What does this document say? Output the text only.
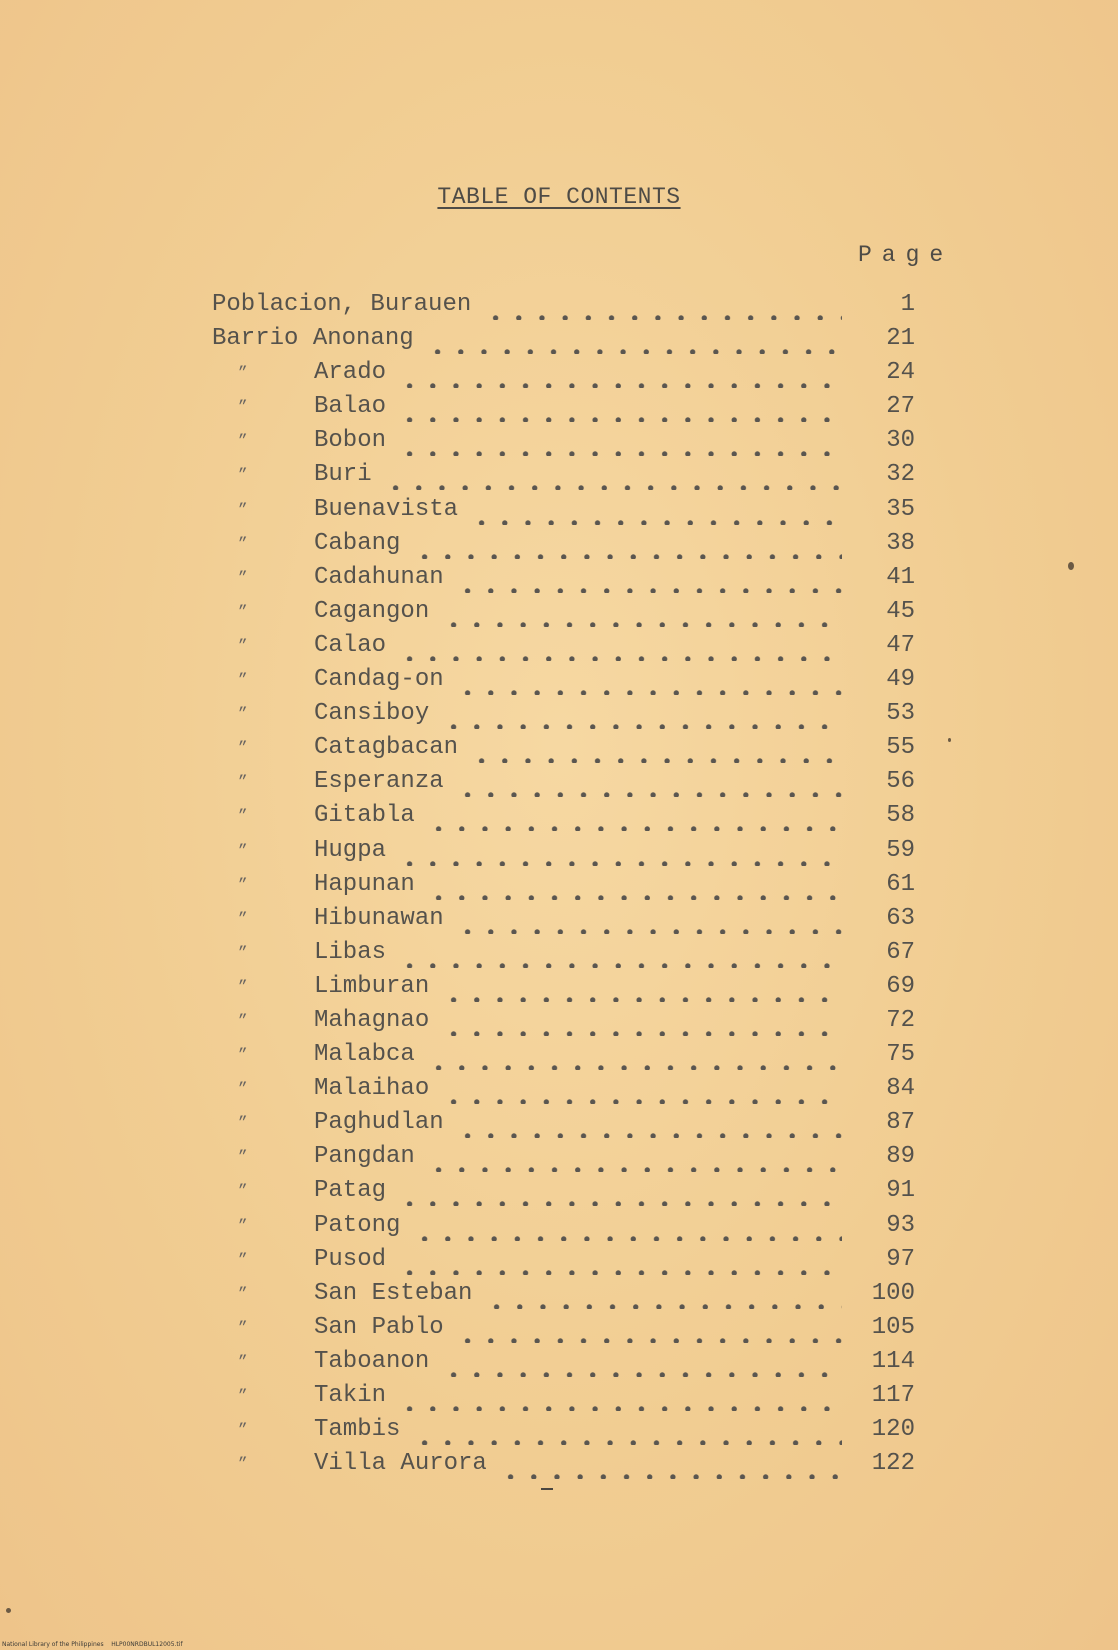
TABLE OF CONTENTS
Page
Poblacion, Burauen	1
Barrio Anonang	21
”	Arado	24
”	Balao	27
”	Bobon	30
”	Buri	32
”	Buenavista	35
”	Cabang	38
”	Cadahunan	41
”	Cagangon	45
”	Calao	47
”	Candag-on	49
”	Cansiboy	53
”	Catagbacan	55
”	Esperanza	56
”	Gitabla	58
”	Hugpa	59
”	Hapunan	61
”	Hibunawan	63
”	Libas	67
”	Limburan	69
”	Mahagnao	72
”	Malabca	75
”	Malaihao	84
”	Paghudlan	87
”	Pangdan	89
”	Patag	91
”	Patong	93
”	Pusod	97
”	San Esteban	100
”	San Pablo	105
”	Taboanon	114
”	Takin	117
”	Tambis	120
”	Villa Aurora	122
National Library of the Philippines    HLP00NRDBUL12005.tif
